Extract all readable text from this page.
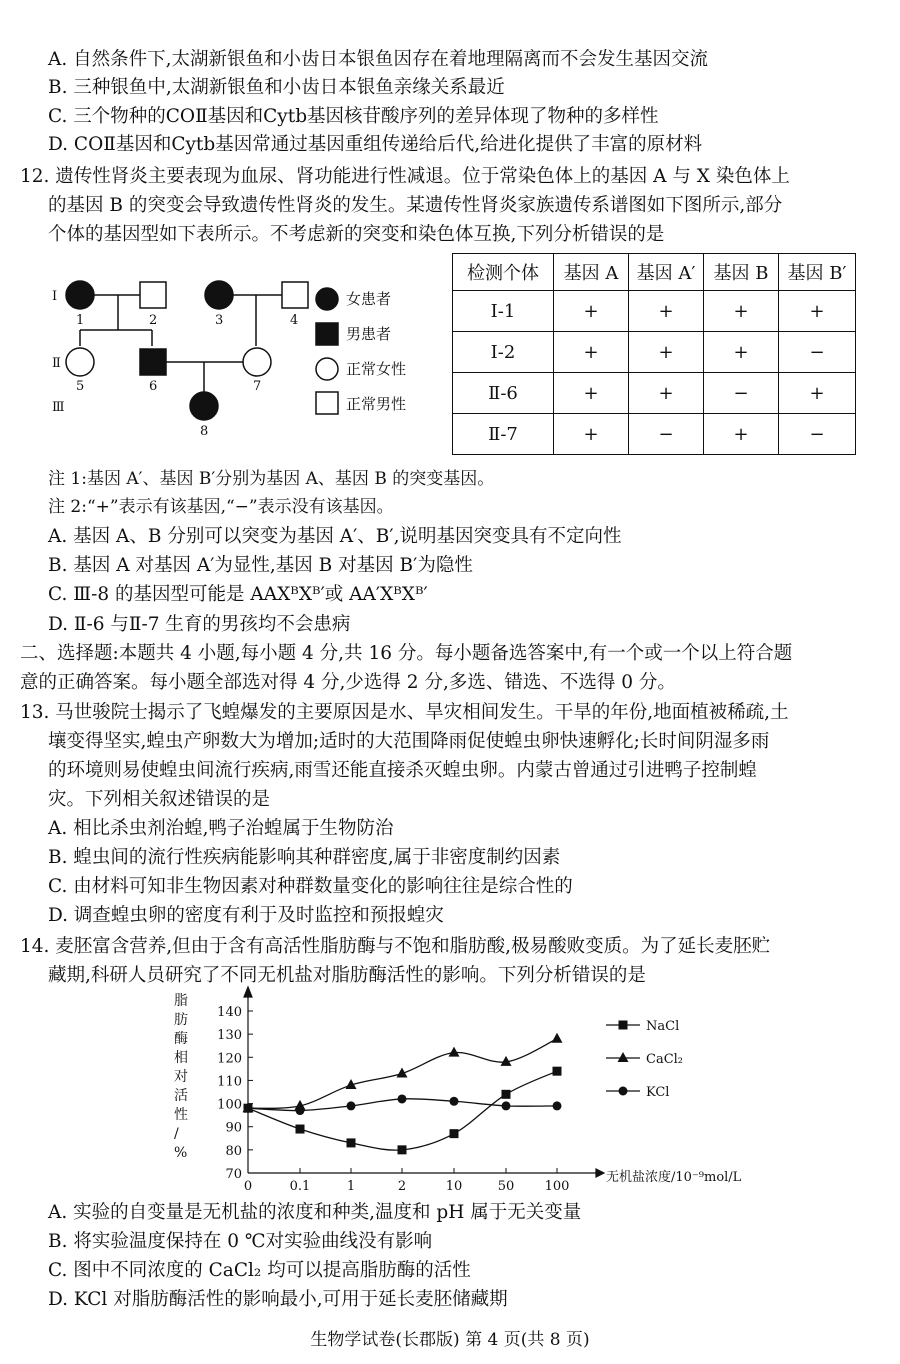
A. 自然条件下,太湖新银鱼和小齿日本银鱼因存在着地理隔离而不会发生基因交流
B. 三种银鱼中,太湖新银鱼和小齿日本银鱼亲缘关系最近
C. 三个物种的COⅡ基因和Cytb基因核苷酸序列的差异体现了物种的多样性
D. COⅡ基因和Cytb基因常通过基因重组传递给后代,给进化提供了丰富的原材料
12. 遗传性肾炎主要表现为血尿、肾功能进行性减退。位于常染色体上的基因 A 与 X 染色体上
的基因 B 的突变会导致遗传性肾炎的发生。某遗传性肾炎家族遗传系谱图如下图所示,部分
个体的基因型如下表所示。不考虑新的突变和染色体互换,下列分析错误的是
Ⅰ
Ⅱ
Ⅲ
1	2	3	4
5	6	7
8
女患者
男患者
正常女性
正常男性
检测个体	基因 A	基因 A′	基因 B	基因 B′
Ⅰ-1	+	+	+	+
Ⅰ-2	+	+	+	−
Ⅱ-6	+	+	−	+
Ⅱ-7	+	−	+	−
注 1:基因 A′、基因 B′分别为基因 A、基因 B 的突变基因。
注 2:“+”表示有该基因,“−”表示没有该基因。
A. 基因 A、B 分别可以突变为基因 A′、B′,说明基因突变具有不定向性
B. 基因 A 对基因 A′为显性,基因 B 对基因 B′为隐性
C. Ⅲ-8 的基因型可能是 AAXᴮXᴮ′或 AA′XᴮXᴮ′
D. Ⅱ-6 与Ⅱ-7 生育的男孩均不会患病
二、选择题:本题共 4 小题,每小题 4 分,共 16 分。每小题备选答案中,有一个或一个以上符合题
意的正确答案。每小题全部选对得 4 分,少选得 2 分,多选、错选、不选得 0 分。
13. 马世骏院士揭示了飞蝗爆发的主要原因是水、旱灾相间发生。干旱的年份,地面植被稀疏,土
壤变得坚实,蝗虫产卵数大为增加;适时的大范围降雨促使蝗虫卵快速孵化;长时间阴湿多雨
的环境则易使蝗虫间流行疾病,雨雪还能直接杀灭蝗虫卵。内蒙古曾通过引进鸭子控制蝗
灾。下列相关叙述错误的是
A. 相比杀虫剂治蝗,鸭子治蝗属于生物防治
B. 蝗虫间的流行性疾病能影响其种群密度,属于非密度制约因素
C. 由材料可知非生物因素对种群数量变化的影响往往是综合性的
D. 调查蝗虫卵的密度有利于及时监控和预报蝗灾
14. 麦胚富含营养,但由于含有高活性脂肪酶与不饱和脂肪酸,极易酸败变质。为了延长麦胚贮
藏期,科研人员研究了不同无机盐对脂肪酶活性的影响。下列分析错误的是
脂
肪
酶
相
对
活
性
/
%
70
80
90
100
110
120
130
140
0	0.1	1	2	10	50 100
NaCl
CaCl₂
KCl
无机盐浓度/10⁻⁹mol/L
A. 实验的自变量是无机盐的浓度和种类,温度和 pH 属于无关变量
B. 将实验温度保持在 0 ℃对实验曲线没有影响
C. 图中不同浓度的 CaCl₂ 均可以提高脂肪酶的活性
D. KCl 对脂肪酶活性的影响最小,可用于延长麦胚储藏期
生物学试卷(长郡版) 第 4 页(共 8 页)
